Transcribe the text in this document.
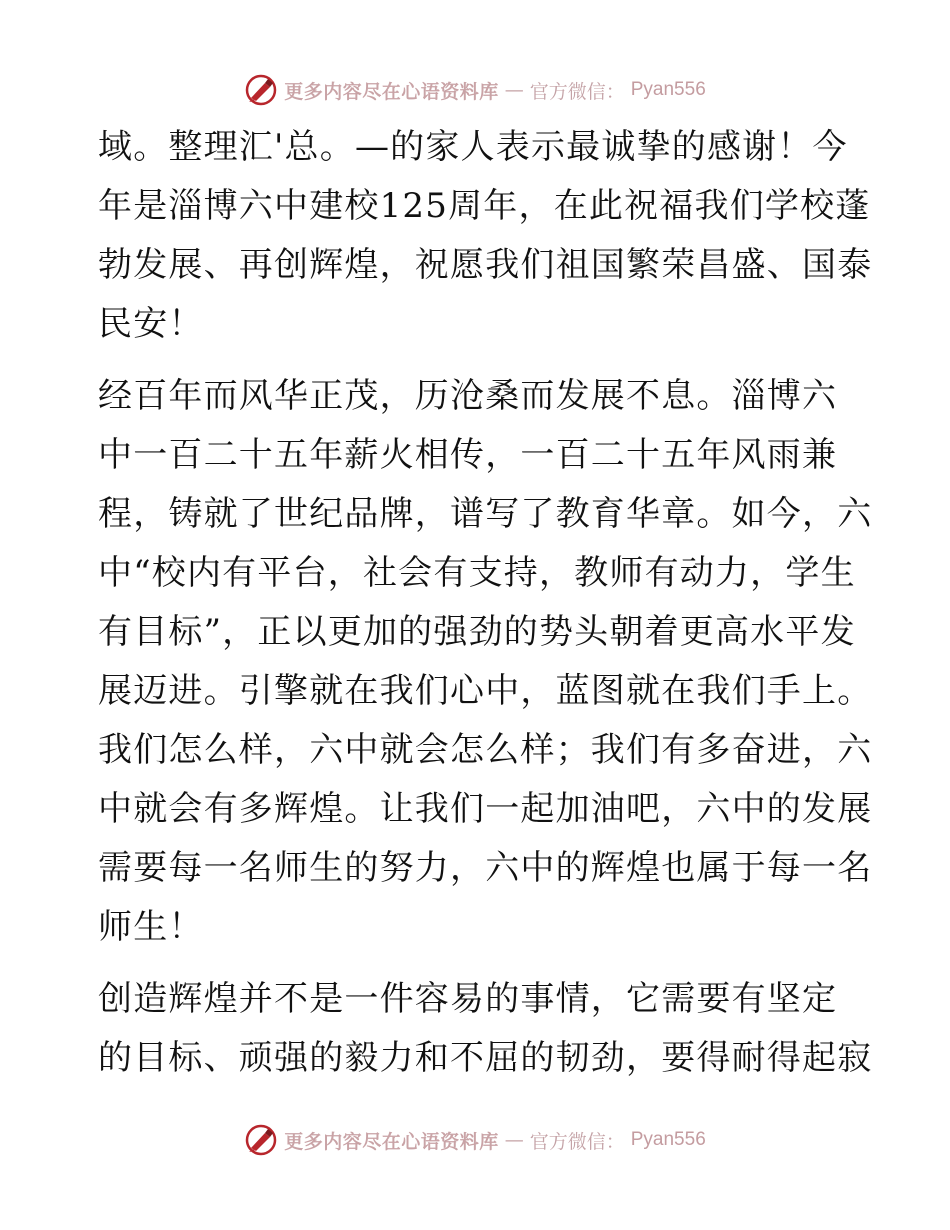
更多内容尽在心语资料库 — 官方微信： Pyan556
域。整理汇'总。—的家人表示最诚挚的感谢！今
年是淄博六中建校125周年，在此祝福我们学校蓬
勃发展、再创辉煌，祝愿我们祖国繁荣昌盛、国泰
民安！
经百年而风华正茂，历沧桑而发展不息。淄博六
中一百二十五年薪火相传，一百二十五年风雨兼
程，铸就了世纪品牌，谱写了教育华章。如今，六
中“校内有平台，社会有支持，教师有动力，学生
有目标”，正以更加的强劲的势头朝着更高水平发
展迈进。引擎就在我们心中，蓝图就在我们手上。
我们怎么样，六中就会怎么样；我们有多奋进，六
中就会有多辉煌。让我们一起加油吧，六中的发展
需要每一名师生的努力，六中的辉煌也属于每一名
师生！
创造辉煌并不是一件容易的事情，它需要有坚定
的目标、顽强的毅力和不屈的韧劲，要得耐得起寂
更多内容尽在心语资料库 — 官方微信： Pyan556
